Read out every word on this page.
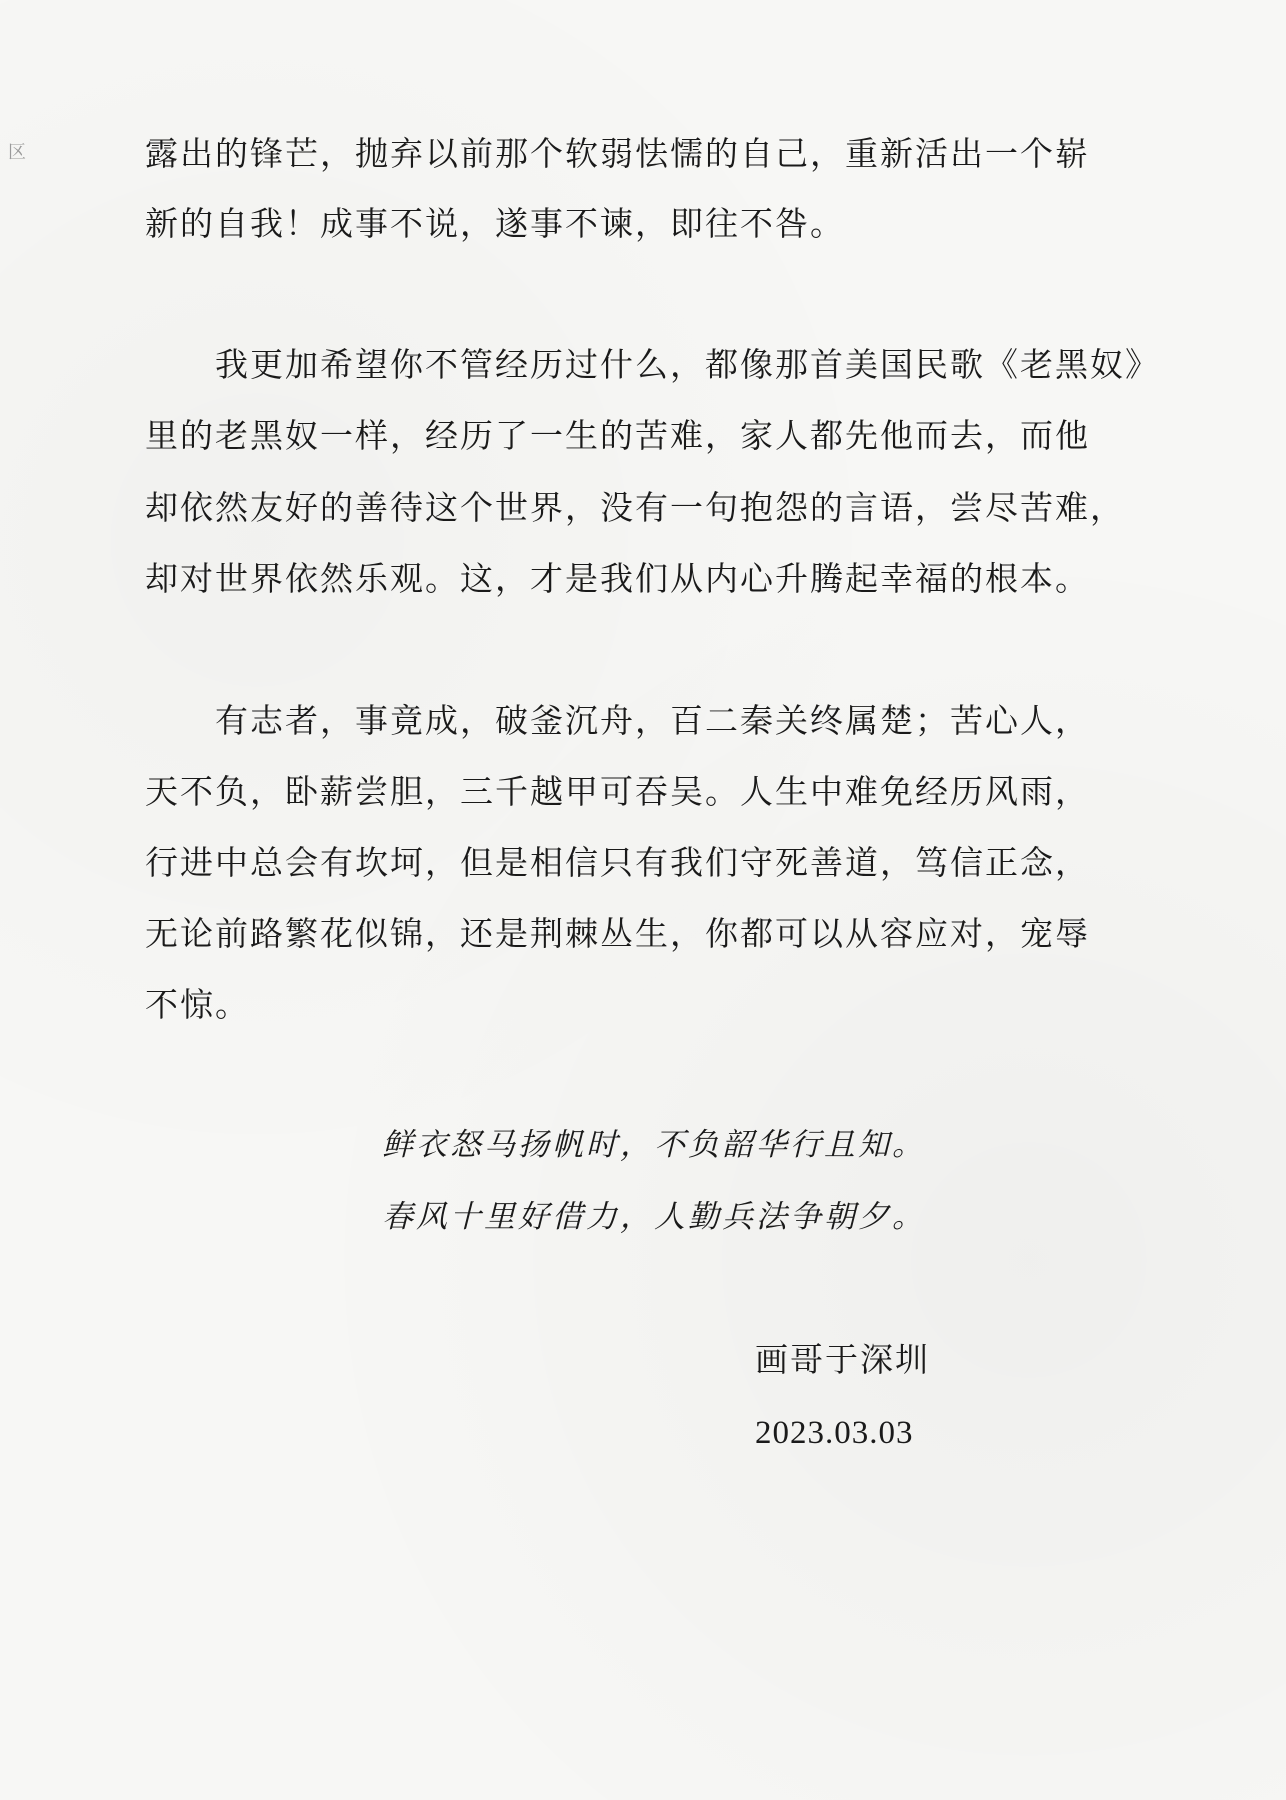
区	露出的锋芒，抛弃以前那个软弱怯懦的自己，重新活出一个崭
新的自我！成事不说，遂事不谏，即往不咎。
　　我更加希望你不管经历过什么，都像那首美国民歌《老黑奴》
里的老黑奴一样，经历了一生的苦难，家人都先他而去，而他
却依然友好的善待这个世界，没有一句抱怨的言语，尝尽苦难，
却对世界依然乐观。这，才是我们从内心升腾起幸福的根本。
　　有志者，事竟成，破釜沉舟，百二秦关终属楚；苦心人，
天不负，卧薪尝胆，三千越甲可吞吴。人生中难免经历风雨，
行进中总会有坎坷，但是相信只有我们守死善道，笃信正念，
无论前路繁花似锦，还是荆棘丛生，你都可以从容应对，宠辱
不惊。
鲜衣怒马扬帆时，不负韶华行且知。
春风十里好借力，人勤兵法争朝夕。
画哥于深圳
2023.03.03
